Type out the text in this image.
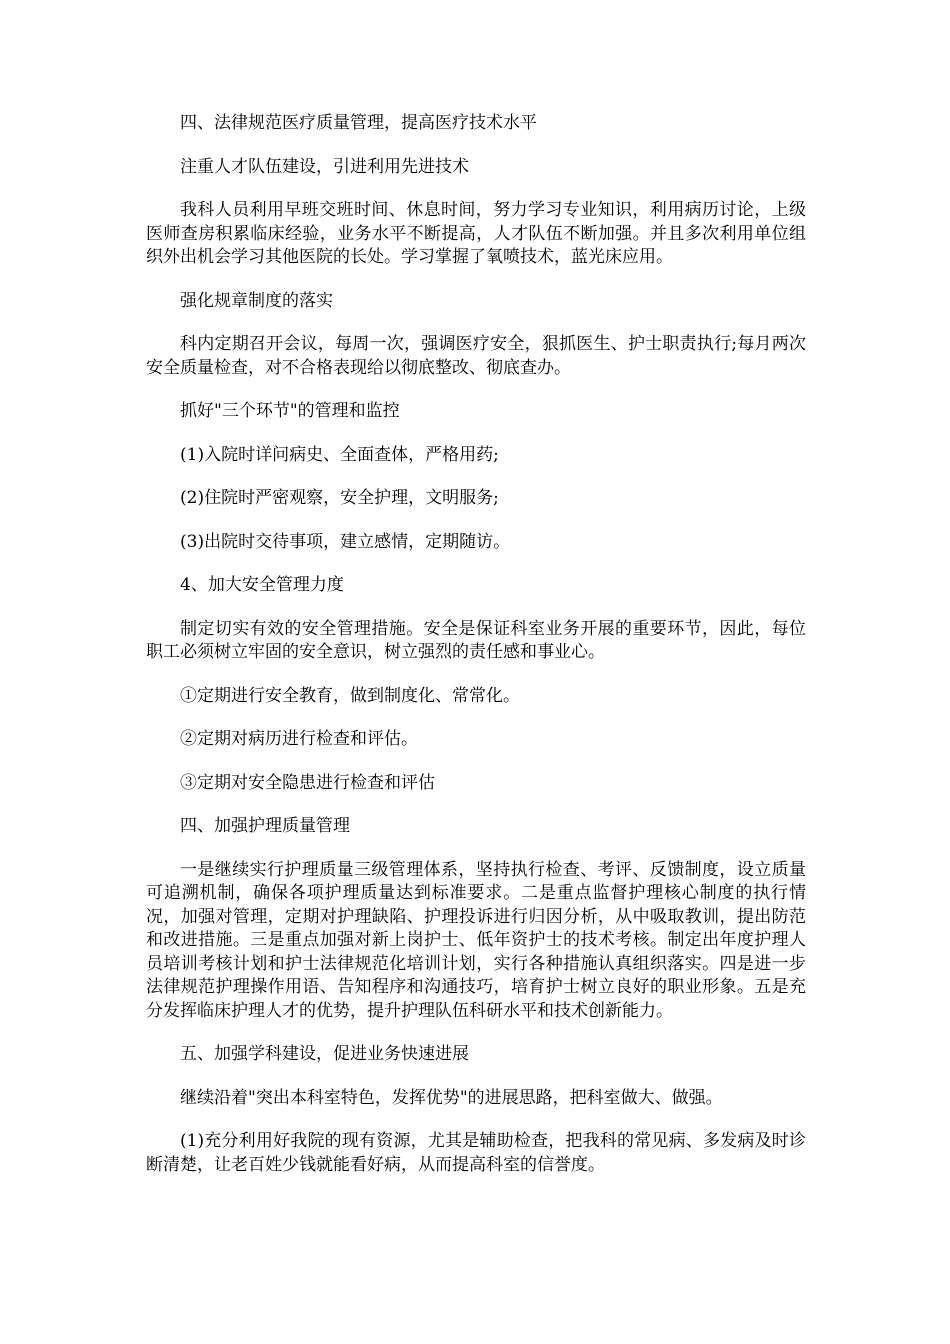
四、法律规范医疗质量管理，提高医疗技术水平

注重人才队伍建设，引进利用先进技术

我科人员利用早班交班时间、休息时间，努力学习专业知识，利用病历讨论，上级医师查房积累临床经验，业务水平不断提高，人才队伍不断加强。并且多次利用单位组织外出机会学习其他医院的长处。学习掌握了氧喷技术，蓝光床应用。

强化规章制度的落实

科内定期召开会议，每周一次，强调医疗安全，狠抓医生、护士职责执行;每月两次安全质量检查，对不合格表现给以彻底整改、彻底查办。

抓好"三个环节"的管理和监控

(1)入院时详问病史、全面查体，严格用药;

(2)住院时严密观察，安全护理，文明服务;

(3)出院时交待事项，建立感情，定期随访。

4、加大安全管理力度

制定切实有效的安全管理措施。安全是保证科室业务开展的重要环节，因此，每位职工必须树立牢固的安全意识，树立强烈的责任感和事业心。

①定期进行安全教育，做到制度化、常常化。

②定期对病历进行检查和评估。

③定期对安全隐患进行检查和评估

四、加强护理质量管理

一是继续实行护理质量三级管理体系，坚持执行检查、考评、反馈制度，设立质量可追溯机制，确保各项护理质量达到标准要求。二是重点监督护理核心制度的执行情况，加强对管理，定期对护理缺陷、护理投诉进行归因分析，从中吸取教训，提出防范和改进措施。三是重点加强对新上岗护士、低年资护士的技术考核。制定出年度护理人员培训考核计划和护士法律规范化培训计划，实行各种措施认真组织落实。四是进一步法律规范护理操作用语、告知程序和沟通技巧，培育护士树立良好的职业形象。五是充分发挥临床护理人才的优势，提升护理队伍科研水平和技术创新能力。

五、加强学科建设，促进业务快速进展

继续沿着"突出本科室特色，发挥优势"的进展思路，把科室做大、做强。

(1)充分利用好我院的现有资源，尤其是辅助检查，把我科的常见病、多发病及时诊断清楚，让老百姓少钱就能看好病，从而提高科室的信誉度。
